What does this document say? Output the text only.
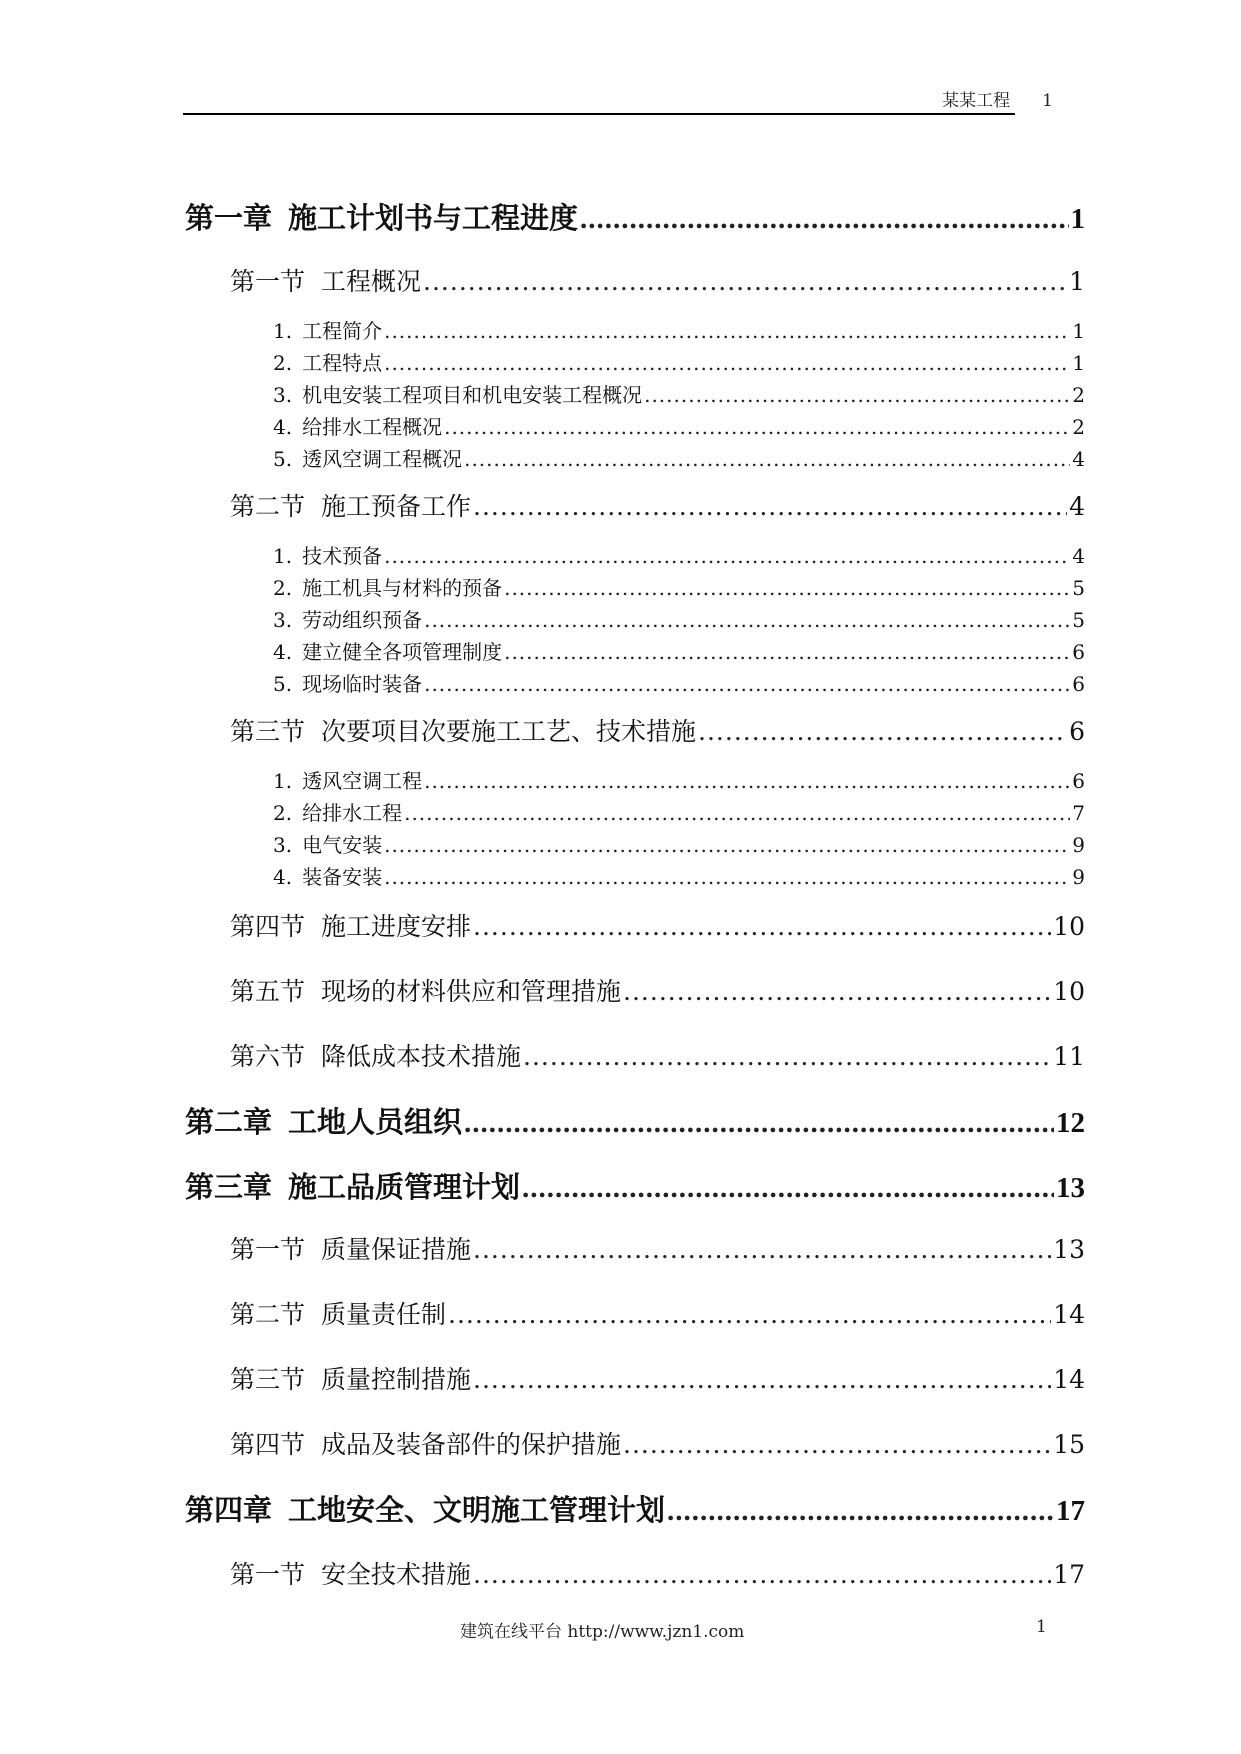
某某工程 1
第一章 施工计划书与工程进度 .....	1
第一节 工程概况 .....	1
1. 工程简介 .....	1
2. 工程特点 .....	1
3. 机电安装工程项目和机电安装工程概况 .....	2
4. 给排水工程概况 .....	2
5. 透风空调工程概况 .....	4
第二节 施工预备工作 .....	4
1. 技术预备 .....	4
2. 施工机具与材料的预备 .....	5
3. 劳动组织预备 .....	5
4. 建立健全各项管理制度 .....	6
5. 现场临时装备 .....	6
第三节 次要项目次要施工工艺、技术措施 .....	6
1. 透风空调工程 .....	6
2. 给排水工程 .....	7
3. 电气安装 .....	9
4. 装备安装 .....	9
第四节 施工进度安排 .....	10
第五节 现场的材料供应和管理措施 .....	10
第六节 降低成本技术措施 .....	11
第二章 工地人员组织 .....	12
第三章 施工品质管理计划 .....	13
第一节 质量保证措施 .....	13
第二节 质量责任制 .....	14
第三节 质量控制措施 .....	14
第四节 成品及装备部件的保护措施 .....	15
第四章 工地安全、文明施工管理计划 .....	17
第一节 安全技术措施 .....	17
建筑在线平台 http://www.jzn1.com	1
